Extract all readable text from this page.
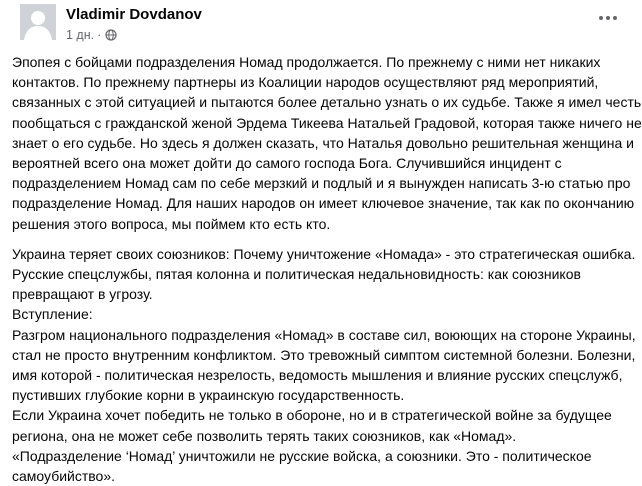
Vladimir Dovdanov
1 дн. ·
Эпопея с бойцами подразделения Номад продолжается. По прежнему с ними нет никаких
контактов. По прежнему партнеры из Коалиции народов осуществляют ряд мероприятий,
связанных с этой ситуацией и пытаются более детально узнать о их судьбе. Также я имел честь
пообщаться с гражданской женой Эрдема Тикеева Натальей Градовой, которая также ничего не
знает о его судьбе. Но здесь я должен сказать, что Наталья довольно решительная женщина и
вероятней всего она может дойти до самого господа Бога. Случившийся инцидент с
подразделением Номад сам по себе мерзкий и подлый и я вынужден написать 3-ю статью про
подразделение Номад. Для наших народов он имеет ключевое значение, так как по окончанию
решения этого вопроса, мы поймем кто есть кто.
Украина теряет своих союзников: Почему уничтожение «Номада» - это стратегическая ошибка.
Русские спецслужбы, пятая колонна и политическая недальновидность: как союзников
превращают в угрозу.
Вступление:
Разгром национального подразделения «Номад» в составе сил, воюющих на стороне Украины,
стал не просто внутренним конфликтом. Это тревожный симптом системной болезни. Болезни,
имя которой - политическая незрелость, ведомость мышления и влияние русских спецслужб,
пустивших глубокие корни в украинскую государственность.
Если Украина хочет победить не только в обороне, но и в стратегической войне за будущее
региона, она не может себе позволить терять таких союзников, как «Номад».
«Подразделение ‘Номад’ уничтожили не русские войска, а союзники. Это - политическое
самоубийство».
